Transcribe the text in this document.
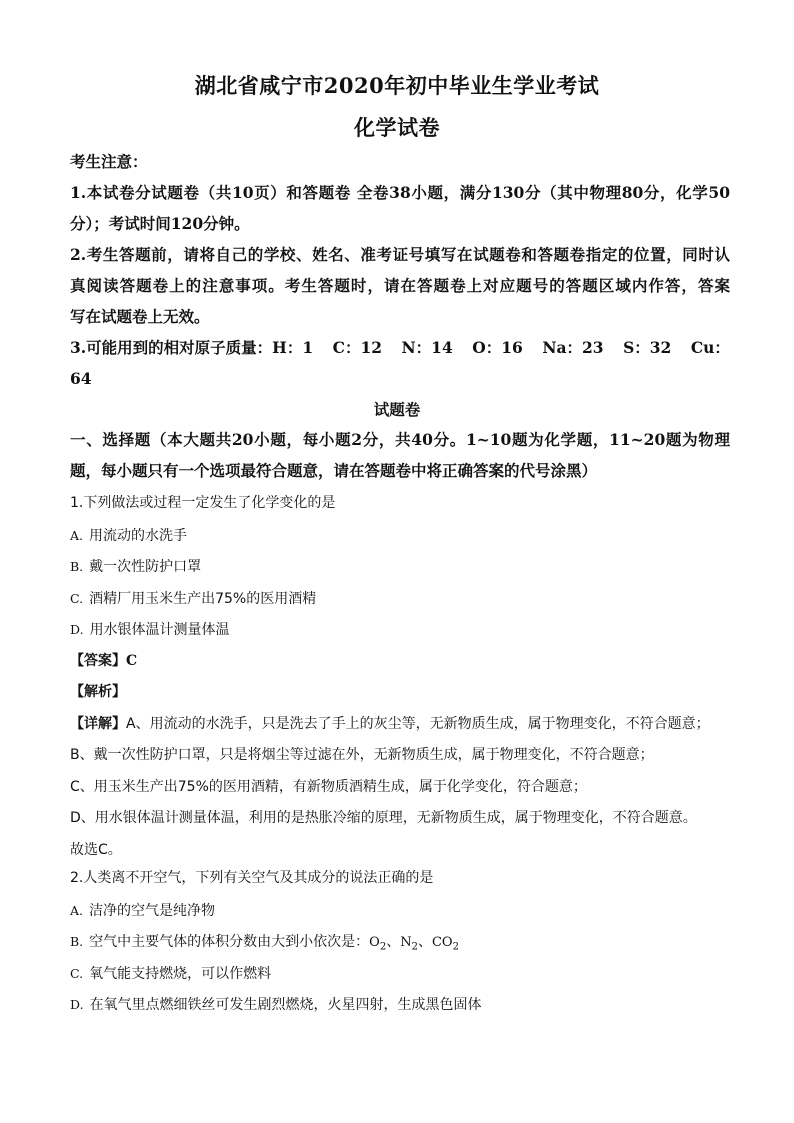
湖北省咸宁市2020年初中毕业生学业考试
化学试卷
考生注意：
1.本试卷分试题卷（共10页）和答题卷 全卷38小题，满分130分（其中物理80分，化学50
分）；考试时间120分钟。
2.考生答题前，请将自己的学校、姓名、准考证号填写在试题卷和答题卷指定的位置，同时认
真阅读答题卷上的注意事项。考生答题时，请在答题卷上对应题号的答题区域内作答，答案
写在试题卷上无效。
3.可能用到的相对原子质量：H：1 C：12 N：14 O：16 Na：23 S：32 Cu：
64
试题卷
一、选择题（本大题共20小题，每小题2分，共40分。1~10题为化学题，11~20题为物理
题，每小题只有一个选项最符合题意，请在答题卷中将正确答案的代号涂黑）
1.下列做法或过程一定发生了化学变化的是
A. 用流动的水洗手
B. 戴一次性防护口罩
C. 酒精厂用玉米生产出75%的医用酒精
D. 用水银体温计测量体温
【答案】C
【解析】
【详解】A、用流动的水洗手，只是洗去了手上的灰尘等，无新物质生成，属于物理变化，不符合题意；
B、戴一次性防护口罩，只是将烟尘等过滤在外，无新物质生成，属于物理变化，不符合题意；
C、用玉米生产出75%的医用酒精，有新物质酒精生成，属于化学变化，符合题意；
D、用水银体温计测量体温，利用的是热胀冷缩的原理，无新物质生成，属于物理变化，不符合题意。
故选C。
2.人类离不开空气，下列有关空气及其成分的说法正确的是
A. 洁净的空气是纯净物
B. 空气中主要气体的体积分数由大到小依次是：$O_2$、$N_2$、$CO_2$
C. 氧气能支持燃烧，可以作燃料
D. 在氧气里点燃细铁丝可发生剧烈燃烧，火星四射，生成黑色固体
